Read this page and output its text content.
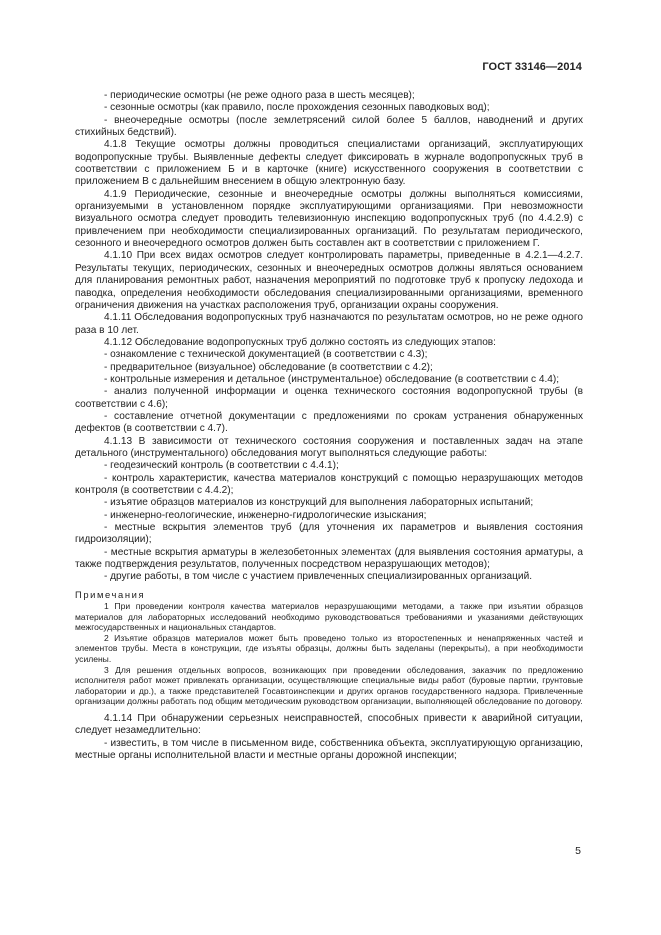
ГОСТ 33146—2014

- периодические осмотры (не реже одного раза в шесть месяцев);

- сезонные осмотры (как правило, после прохождения сезонных паводковых вод);

- внеочередные осмотры (после землетрясений силой более 5 баллов, наводнений и других стихийных бедствий).

4.1.8 Текущие осмотры должны проводиться специалистами организаций, эксплуатирующих водопропускные трубы. Выявленные дефекты следует фиксировать в журнале водопропускных труб в соответствии с приложением Б и в карточке (книге) искусственного сооружения в соответствии с приложением В с дальнейшим внесением в общую электронную базу.

4.1.9 Периодические, сезонные и внеочередные осмотры должны выполняться комиссиями, организуемыми в установленном порядке эксплуатирующими организациями. При невозможности визуального осмотра следует проводить телевизионную инспекцию водопропускных труб (по 4.4.2.9) с привлечением при необходимости специализированных организаций. По результатам периодического, сезонного и внеочередного осмотров должен быть составлен акт в соответствии с приложением Г.

4.1.10 При всех видах осмотров следует контролировать параметры, приведенные в 4.2.1—4.2.7. Результаты текущих, периодических, сезонных и внеочередных осмотров должны являться основанием для планирования ремонтных работ, назначения мероприятий по подготовке труб к пропуску ледохода и паводка, определения необходимости обследования специализированными организациями, временного ограничения движения на участках расположения труб, организации охраны сооружения.

4.1.11 Обследования водопропускных труб назначаются по результатам осмотров, но не реже одного раза в 10 лет.

4.1.12 Обследование водопропускных труб должно состоять из следующих этапов:

- ознакомление с технической документацией (в соответствии с 4.3);

- предварительное (визуальное) обследование (в соответствии с 4.2);

- контрольные измерения и детальное (инструментальное) обследование (в соответствии с 4.4);

- анализ полученной информации и оценка технического состояния водопропускной трубы (в соответствии с 4.6);

- составление отчетной документации с предложениями по срокам устранения обнаруженных дефектов (в соответствии с 4.7).

4.1.13 В зависимости от технического состояния сооружения и поставленных задач на этапе детального (инструментального) обследования могут выполняться следующие работы:

- геодезический контроль (в соответствии с 4.4.1);

- контроль характеристик, качества материалов конструкций с помощью неразрушающих методов контроля (в соответствии с 4.4.2);

- изъятие образцов материалов из конструкций для выполнения лабораторных испытаний;

- инженерно-геологические, инженерно-гидрологические изыскания;

- местные вскрытия элементов труб (для уточнения их параметров и выявления состояния гидроизоляции);

- местные вскрытия арматуры в железобетонных элементах (для выявления состояния арматуры, а также подтверждения результатов, полученных посредством неразрушающих методов);

- другие работы, в том числе с участием привлеченных специализированных организаций.

Примечания

1 При проведении контроля качества материалов неразрушающими методами, а также при изъятии образцов материалов для лабораторных исследований необходимо руководствоваться требованиями и указаниями действующих межгосударственных и национальных стандартов.

2 Изъятие образцов материалов может быть проведено только из второстепенных и ненапряженных частей и элементов трубы. Места в конструкции, где изъяты образцы, должны быть заделаны (перекрыты), а при необходимости усилены.

3 Для решения отдельных вопросов, возникающих при проведении обследования, заказчик по предложению исполнителя работ может привлекать организации, осуществляющие специальные виды работ (буровые партии, грунтовые лаборатории и др.), а также представителей Госавтоинспекции и других органов государственного надзора. Привлеченные организации должны работать под общим методическим руководством организации, выполняющей обследование по договору.

4.1.14 При обнаружении серьезных неисправностей, способных привести к аварийной ситуации, следует незамедлительно:

- известить, в том числе в письменном виде, собственника объекта, эксплуатирующую организацию, местные органы исполнительной власти и местные органы дорожной инспекции;

5
